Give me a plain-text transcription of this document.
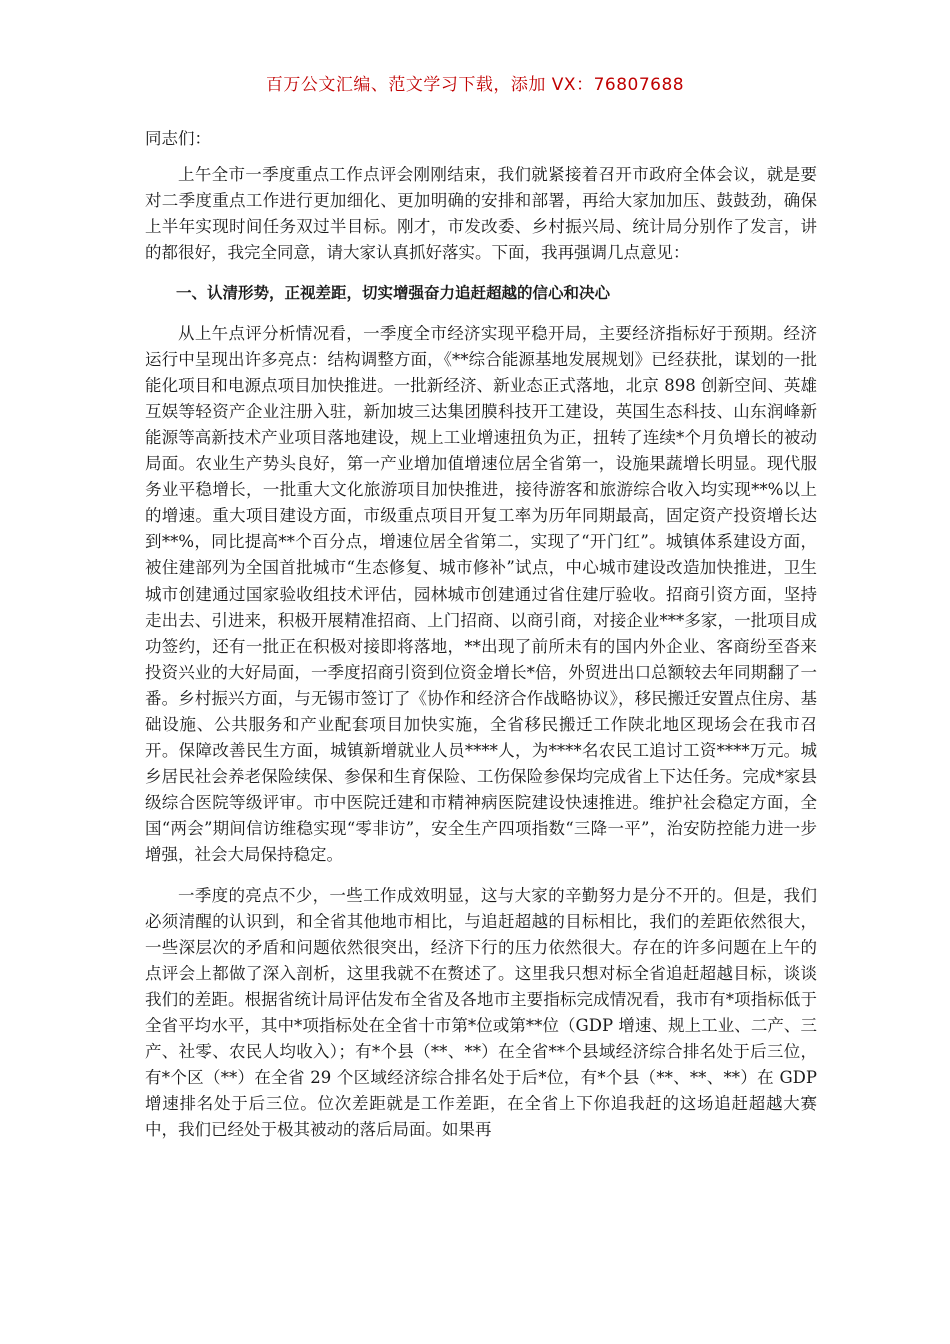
百万公文汇编、范文学习下载，添加 VX：76807688

同志们：

上午全市一季度重点工作点评会刚刚结束，我们就紧接着召开市政府全体会议，就是要对二季度重点工作进行更加细化、更加明确的安排和部署，再给大家加加压、鼓鼓劲，确保上半年实现时间任务双过半目标。刚才，市发改委、乡村振兴局、统计局分别作了发言，讲的都很好，我完全同意，请大家认真抓好落实。下面，我再强调几点意见：

一、认清形势，正视差距，切实增强奋力追赶超越的信心和决心

从上午点评分析情况看，一季度全市经济实现平稳开局，主要经济指标好于预期。经济运行中呈现出许多亮点：结构调整方面，《**综合能源基地发展规划》已经获批，谋划的一批能化项目和电源点项目加快推进。一批新经济、新业态正式落地，北京 898 创新空间、英雄互娱等轻资产企业注册入驻，新加坡三达集团膜科技开工建设，英国生态科技、山东润峰新能源等高新技术产业项目落地建设，规上工业增速扭负为正，扭转了连续*个月负增长的被动局面。农业生产势头良好，第一产业增加值增速位居全省第一，设施果蔬增长明显。现代服务业平稳增长，一批重大文化旅游项目加快推进，接待游客和旅游综合收入均实现**%以上的增速。重大项目建设方面，市级重点项目开复工率为历年同期最高，固定资产投资增长达到**%，同比提高**个百分点，增速位居全省第二，实现了“开门红”。城镇体系建设方面，被住建部列为全国首批城市“生态修复、城市修补”试点，中心城市建设改造加快推进，卫生城市创建通过国家验收组技术评估，园林城市创建通过省住建厅验收。招商引资方面，坚持走出去、引进来，积极开展精准招商、上门招商、以商引商，对接企业***多家，一批项目成功签约，还有一批正在积极对接即将落地，**出现了前所未有的国内外企业、客商纷至沓来投资兴业的大好局面，一季度招商引资到位资金增长*倍，外贸进出口总额较去年同期翻了一番。乡村振兴方面，与无锡市签订了《协作和经济合作战略协议》，移民搬迁安置点住房、基础设施、公共服务和产业配套项目加快实施，全省移民搬迁工作陕北地区现场会在我市召开。保障改善民生方面，城镇新增就业人员****人，为****名农民工追讨工资****万元。城乡居民社会养老保险续保、参保和生育保险、工伤保险参保均完成省上下达任务。完成*家县级综合医院等级评审。市中医院迁建和市精神病医院建设快速推进。维护社会稳定方面，全国“两会”期间信访维稳实现“零非访”，安全生产四项指数“三降一平”，治安防控能力进一步增强，社会大局保持稳定。

一季度的亮点不少，一些工作成效明显，这与大家的辛勤努力是分不开的。但是，我们必须清醒的认识到，和全省其他地市相比，与追赶超越的目标相比，我们的差距依然很大，一些深层次的矛盾和问题依然很突出，经济下行的压力依然很大。存在的许多问题在上午的点评会上都做了深入剖析，这里我就不在赘述了。这里我只想对标全省追赶超越目标，谈谈我们的差距。根据省统计局评估发布全省及各地市主要指标完成情况看，我市有*项指标低于全省平均水平，其中*项指标处在全省十市第*位或第**位（GDP 增速、规上工业、二产、三产、社零、农民人均收入）；有*个县（**、**）在全省**个县域经济综合排名处于后三位，有*个区（**）在全省 29 个区域经济综合排名处于后*位，有*个县（**、**、**）在 GDP 增速排名处于后三位。位次差距就是工作差距，在全省上下你追我赶的这场追赶超越大赛中，我们已经处于极其被动的落后局面。如果再
